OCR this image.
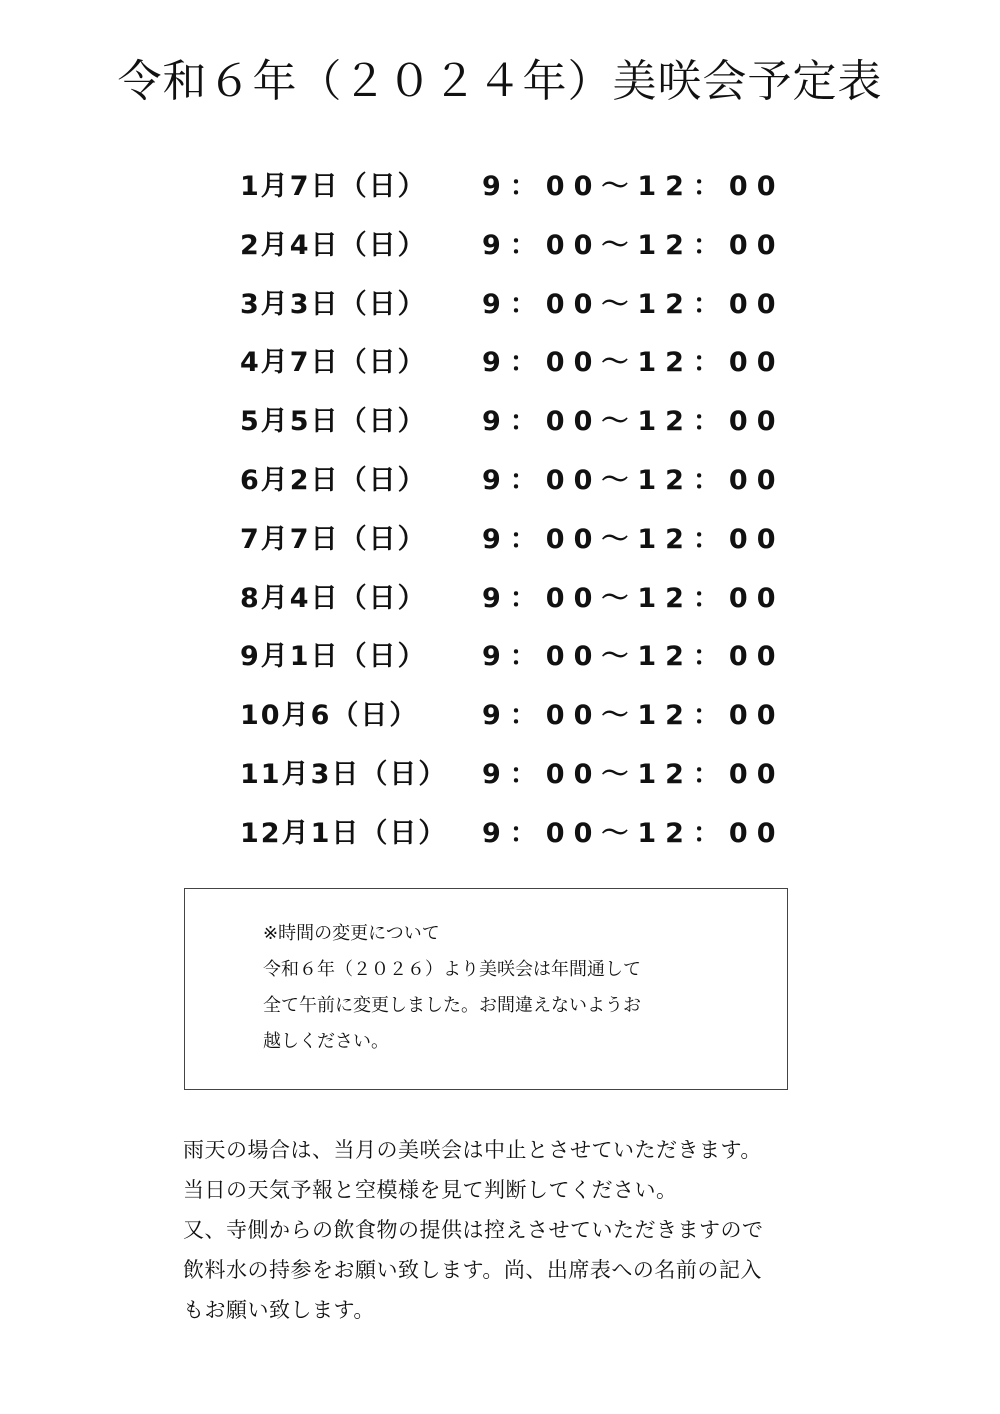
令和６年（２０２４年）美咲会予定表
1月7日（日） 9：00〜12：00
2月4日（日） 9：00〜12：00
3月3日（日） 9：00〜12：00
4月7日（日） 9：00〜12：00
5月5日（日） 9：00〜12：00
6月2日（日） 9：00〜12：00
7月7日（日） 9：00〜12：00
8月4日（日） 9：00〜12：00
9月1日（日） 9：00〜12：00
10月6（日） 9：00〜12：00
11月3日（日） 9：00〜12：00
12月1日（日） 9：00〜12：00
※時間の変更について
令和６年（２０２６）より美咲会は年間通して
全て午前に変更しました。お間違えないようお
越しください。
雨天の場合は、当月の美咲会は中止とさせていただきます。
当日の天気予報と空模様を見て判断してください。
又、寺側からの飲食物の提供は控えさせていただきますので
飲料水の持参をお願い致します。尚、出席表への名前の記入
もお願い致します。
